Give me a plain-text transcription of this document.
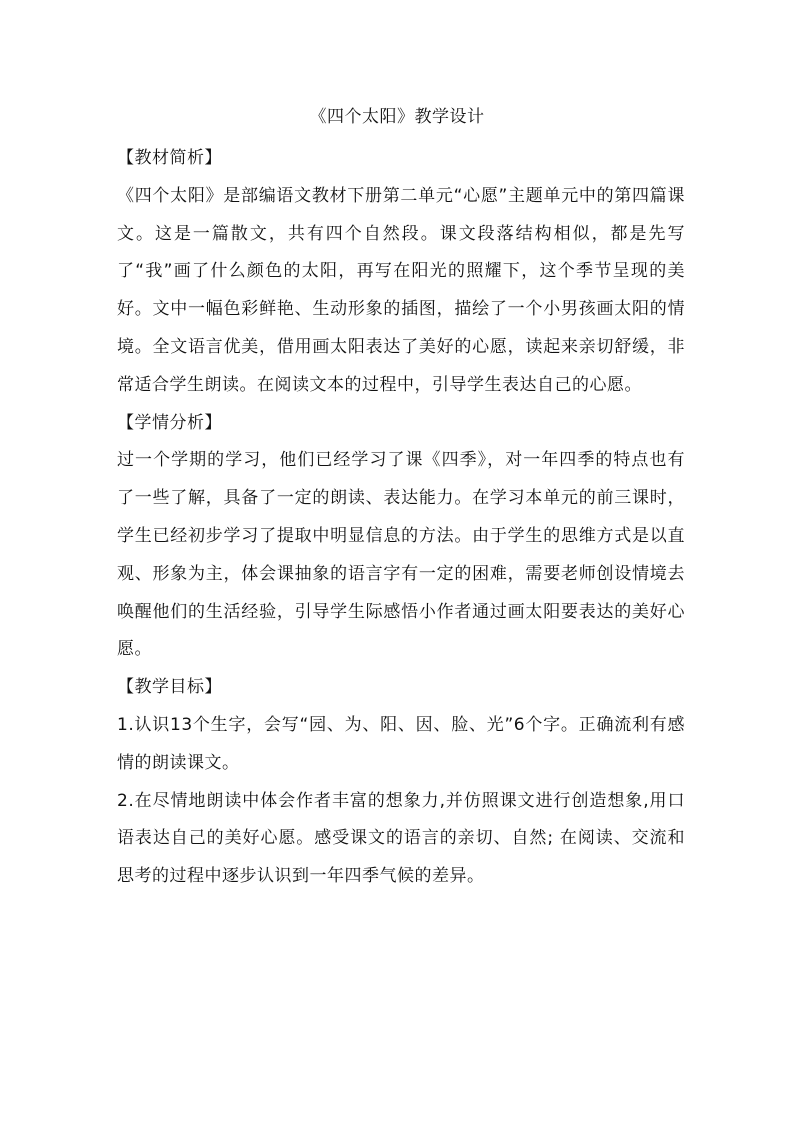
《四个太阳》教学设计

【教材简析】

《四个太阳》是部编语文教材下册第二单元“心愿”主题单元中的第四篇课文。这是一篇散文，共有四个自然段。课文段落结构相似，都是先写了“我”画了什么颜色的太阳，再写在阳光的照耀下，这个季节呈现的美好。文中一幅色彩鲜艳、生动形象的插图，描绘了一个小男孩画太阳的情境。全文语言优美，借用画太阳表达了美好的心愿，读起来亲切舒缓，非常适合学生朗读。在阅读文本的过程中，引导学生表达自己的心愿。

【学情分析】

过一个学期的学习，他们已经学习了课《四季》，对一年四季的特点也有了一些了解，具备了一定的朗读、表达能力。在学习本单元的前三课时，学生已经初步学习了提取中明显信息的方法。由于学生的思维方式是以直观、形象为主，体会课抽象的语言字有一定的困难，需要老师创设情境去唤醒他们的生活经验，引导学生际感悟小作者通过画太阳要表达的美好心愿。

【教学目标】

1.认识13个生字，会写“园、为、阳、因、脸、光”6个字。正确流利有感情的朗读课文。

2.在尽情地朗读中体会作者丰富的想象力,并仿照课文进行创造想象,用口语表达自己的美好心愿。感受课文的语言的亲切、自然; 在阅读、交流和思考的过程中逐步认识到一年四季气候的差异。
